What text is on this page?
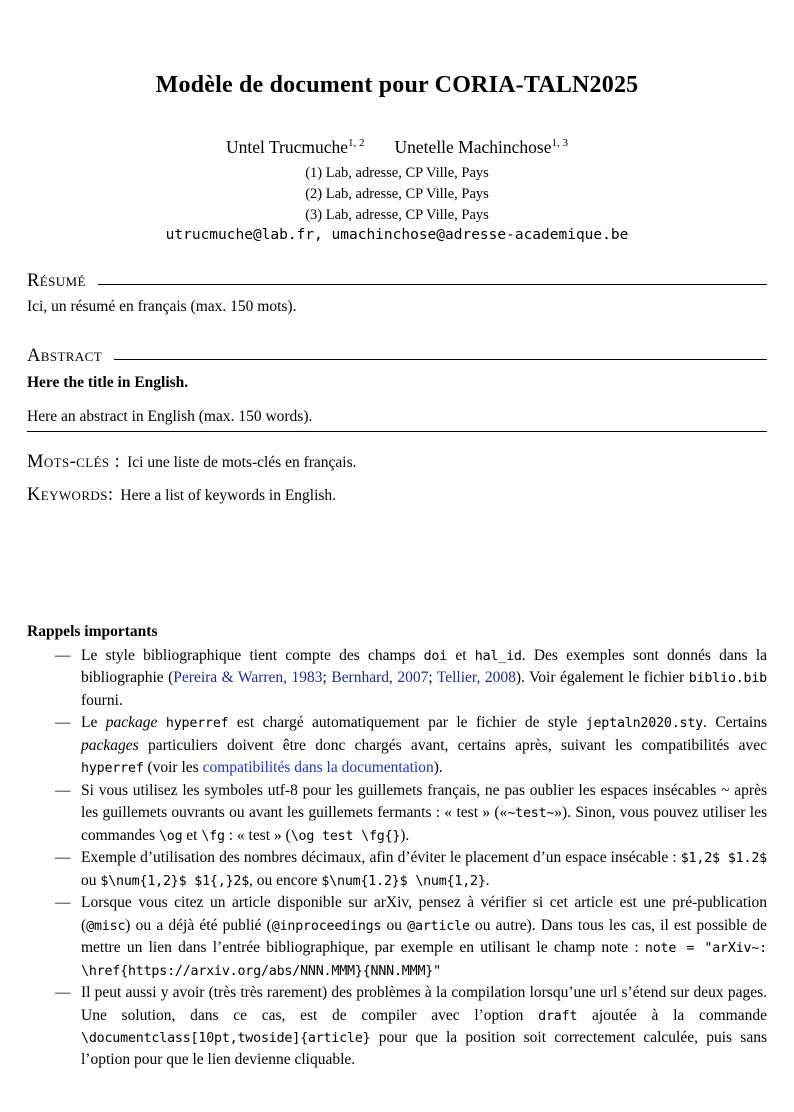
Modèle de document pour CORIA-TALN2025
Untel Trucmuche$^{1, 2}$ Unetelle Machinchose$^{1, 3}$
(1) Lab, adresse, CP Ville, Pays
(2) Lab, adresse, CP Ville, Pays
(3) Lab, adresse, CP Ville, Pays
utrucmuche@lab.fr, umachinchose@adresse-academique.be
Résumé

Ici, un résumé en français (max. 150 mots).

Abstract

Here the title in English.

Here an abstract in English (max. 150 words).

Mots-clés : Ici une liste de mots-clés en français.
Keywords: Here a list of keywords in English.
Rappels importants
— Le style bibliographique tient compte des champs doi et hal_id. Des exemples sont donnés dans la bibliographie (Pereira & Warren, 1983; Bernhard, 2007; Tellier, 2008). Voir également le fichier biblio.bib fourni.
— Le package hyperref est chargé automatiquement par le fichier de style jeptaln2020.sty. Certains packages particuliers doivent être donc chargés avant, certains après, suivant les compatibilités avec hyperref (voir les compatibilités dans la documentation).
— Si vous utilisez les symboles utf-8 pour les guillemets français, ne pas oublier les espaces insécables ~ après les guillemets ouvrants ou avant les guillemets fermants : « test » («~test~»). Sinon, vous pouvez utiliser les commandes \og et \fg : « test » (\og test \fg{}).
— Exemple d’utilisation des nombres décimaux, afin d’éviter le placement d’un espace insécable : $1,2$ $1.2$ ou $\num{1,2}$ $1{,}2$, ou encore $\num{1.2}$ \num{1,2}.
— Lorsque vous citez un article disponible sur arXiv, pensez à vérifier si cet article est une pré-publication (@misc) ou a déjà été publié (@inproceedings ou @article ou autre). Dans tous les cas, il est possible de mettre un lien dans l’entrée bibliographique, par exemple en utilisant le champ note : note = "arXiv~: \href{https://arxiv.org/abs/NNN.MMM}{NNN.MMM}"
— Il peut aussi y avoir (très très rarement) des problèmes à la compilation lorsqu’une url s’étend sur deux pages. Une solution, dans ce cas, est de compiler avec l’option draft ajoutée à la commande \documentclass[10pt,twoside]{article} pour que la position soit correctement calculée, puis sans l’option pour que le lien devienne cliquable.
